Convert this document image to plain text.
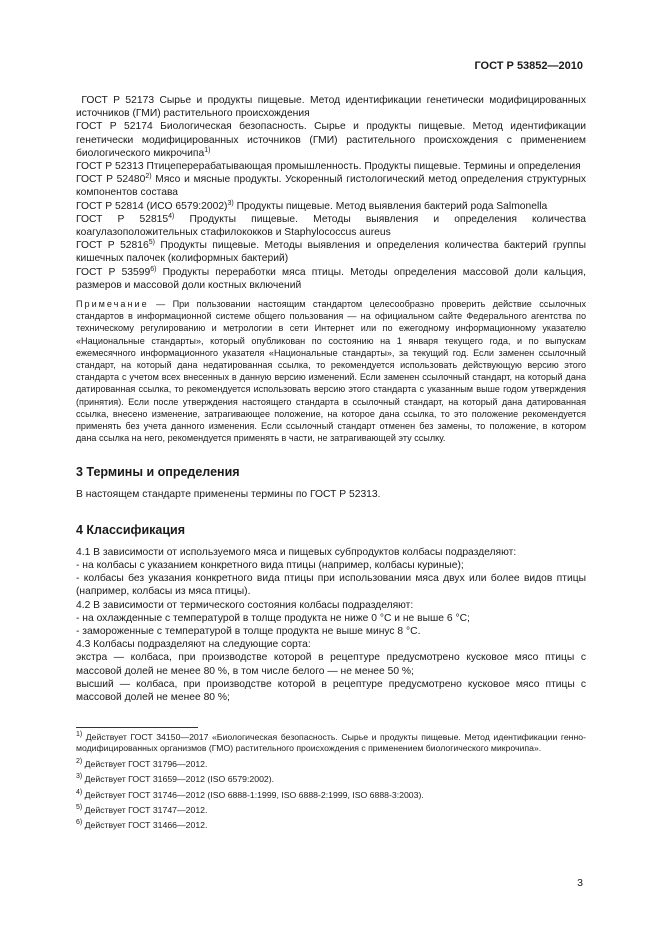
ГОСТ Р 53852—2010

ГОСТ Р 52173 Сырье и продукты пищевые. Метод идентификации генетически модифицированных источников (ГМИ) растительного происхождения

ГОСТ Р 52174 Биологическая безопасность. Сырье и продукты пищевые. Метод идентификации генетически модифицированных источников (ГМИ) растительного происхождения с применением биологического микрочипа$^{1)}$

ГОСТ Р 52313 Птицеперерабатывающая промышленность. Продукты пищевые. Термины и определения

ГОСТ Р 52480$^{2)}$ Мясо и мясные продукты. Ускоренный гистологический метод определения структурных компонентов состава

ГОСТ Р 52814 (ИСО 6579:2002)$^{3)}$ Продукты пищевые. Метод выявления бактерий рода Salmonella

ГОСТ Р 52815$^{4)}$ Продукты пищевые. Методы выявления и определения количества коагулазоположительных стафилококков и Staphylococcus aureus

ГОСТ Р 52816$^{5)}$ Продукты пищевые. Методы выявления и определения количества бактерий группы кишечных палочек (колиформных бактерий)

ГОСТ Р 53599$^{6)}$ Продукты переработки мяса птицы. Методы определения массовой доли кальция, размеров и массовой доли костных включений

Примечание — При пользовании настоящим стандартом целесообразно проверить действие ссылочных стандартов в информационной системе общего пользования — на официальном сайте Федерального агентства по техническому регулированию и метрологии в сети Интернет или по ежегодному информационному указателю «Национальные стандарты», который опубликован по состоянию на 1 января текущего года, и по выпускам ежемесячного информационного указателя «Национальные стандарты», за текущий год. Если заменен ссылочный стандарт, на который дана недатированная ссылка, то рекомендуется использовать действующую версию этого стандарта с учетом всех внесенных в данную версию изменений. Если заменен ссылочный стандарт, на который дана датированная ссылка, то рекомендуется использовать версию этого стандарта с указанным выше годом утверждения (принятия). Если после утверждения настоящего стандарта в ссылочный стандарт, на который дана датированная ссылка, внесено изменение, затрагивающее положение, на которое дана ссылка, то это положение рекомендуется применять без учета данного изменения. Если ссылочный стандарт отменен без замены, то положение, в котором дана ссылка на него, рекомендуется применять в части, не затрагивающей эту ссылку.

3 Термины и определения

В настоящем стандарте применены термины по ГОСТ Р 52313.

4 Классификация

4.1 В зависимости от используемого мяса и пищевых субпродуктов колбасы подразделяют:

- на колбасы с указанием конкретного вида птицы (например, колбасы куриные);

- колбасы без указания конкретного вида птицы при использовании мяса двух или более видов птицы (например, колбасы из мяса птицы).

4.2 В зависимости от термического состояния колбасы подразделяют:

- на охлажденные с температурой в толще продукта не ниже 0 °С и не выше 6 °С;

- замороженные с температурой в толще продукта не выше минус 8 °С.

4.3 Колбасы подразделяют на следующие сорта:

экстра — колбаса, при производстве которой в рецептуре предусмотрено кусковое мясо птицы с массовой долей не менее 80 %, в том числе белого — не менее 50 %;

высший — колбаса, при производстве которой в рецептуре предусмотрено кусковое мясо птицы с массовой долей не менее 80 %;

$^{1)}$ Действует ГОСТ 34150—2017 «Биологическая безопасность. Сырье и продукты пищевые. Метод идентификации генно-модифицированных организмов (ГМО) растительного происхождения с применением биологического микрочипа».

$^{2)}$ Действует ГОСТ 31796—2012.

$^{3)}$ Действует ГОСТ 31659—2012 (ISO 6579:2002).

$^{4)}$ Действует ГОСТ 31746—2012 (ISO 6888-1:1999, ISO 6888-2:1999, ISO 6888-3:2003).

$^{5)}$ Действует ГОСТ 31747—2012.

$^{6)}$ Действует ГОСТ 31466—2012.

3
